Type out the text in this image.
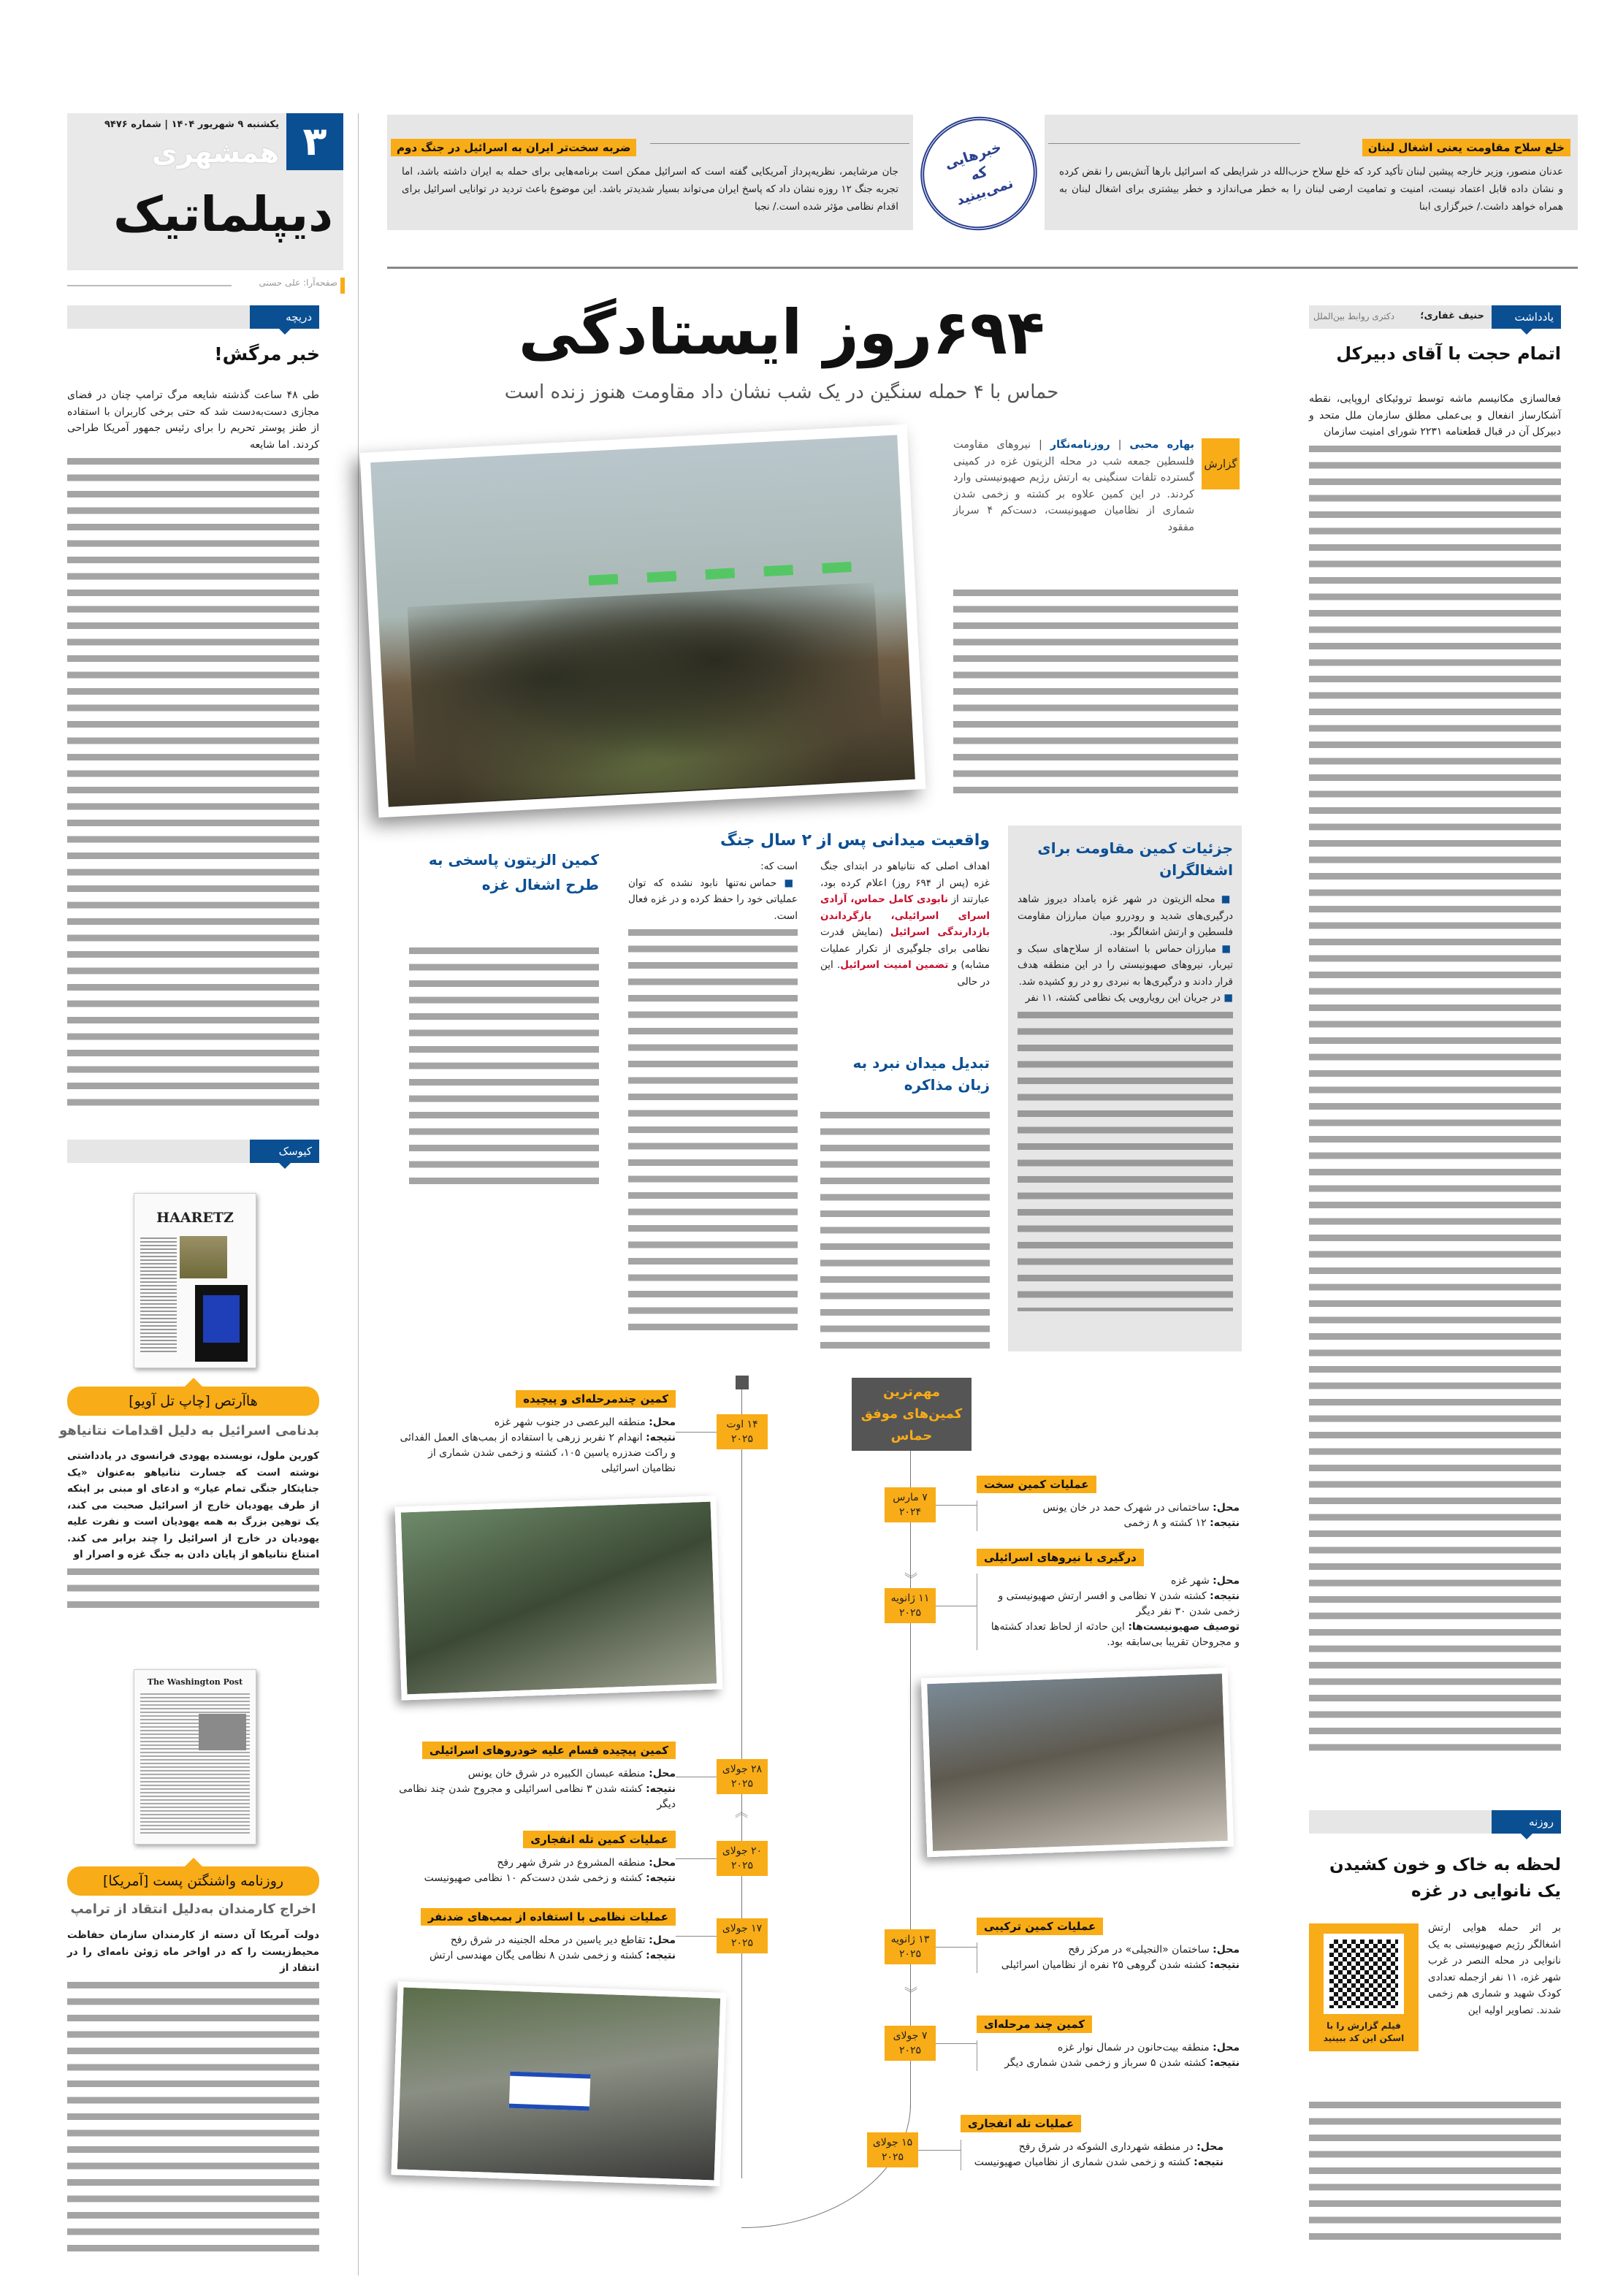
۳
یکشنبه ۹ شهریور ۱۴۰۴ | شماره ۹۴۷۶
همشهری
دیپلماتیک
صفحه‌آرا: علی حسنی
ضربه سخت‌تر ایران به اسرائیل در جنگ دوم
جان مرشایمر، نظریه‌پرداز آمریکایی گفته است که اسرائیل ممکن است برنامه‌هایی برای حمله به ایران داشته باشد، اما تجربه جنگ ۱۲ روزه نشان داد که پاسخ ایران می‌تواند بسیار شدیدتر باشد. این موضوع باعث تردید در توانایی اسرائیل برای اقدام نظامی مؤثر شده است./ نجبا
خلع سلاح مقاومت یعنی اشغال لبنان
عدنان منصور، وزیر خارجه پیشین لبنان تأکید کرد که خلع سلاح حزب‌الله در شرایطی که اسرائیل بارها آتش‌بس را نقض کرده و نشان داده قابل اعتماد نیست، امنیت و تمامیت ارضی لبنان را به خطر می‌اندازد و خطر بیشتری برای اشغال لبنان به همراه خواهد داشت./ خبرگزاری ابنا
خبرهایی که نمی‌بینید
دریچه
خبر مرگش!
طی ۴۸ ساعت گذشته شایعه مرگ ترامپ چنان در فضای مجازی دست‌به‌دست شد که حتی برخی کاربران با استفاده از طنز پوستر تحریم را برای رئیس جمهور آمریکا طراحی کردند. اما شایعه
کیوسک
HAARETZ
هاآرتص [چاپ تل آویو]
بدنامی اسرائیل به دلیل اقدامات نتانیاهو
کورین ملول، نویسنده یهودی فرانسوی در یادداشتی نوشته است که جسارت نتانیاهو به‌عنوان «یک جنایتکار جنگی تمام عیار» و ادعای او مبنی بر اینکه از طرف یهودیان خارج از اسرائیل صحبت می کند، یک توهین بزرگ به همه یهودیان است و نفرت علیه یهودیان در خارج از اسرائیل را چند برابر می کند. امتناع نتانیاهو از پایان دادن به جنگ غزه و اصرار او
The Washington Post
روزنامه واشنگتن پست [آمریکا]
اخراج کارمندان به‌دلیل انتقاد از ترامپ
دولت آمریکا آن دسته از کارمندان سازمان حفاظت محیط‌زیست را که در اواخر ماه ژوئن نامه‌ای را در انتقاد از
یادداشت
حنیف غفاری؛
دکتری روابط بین‌الملل
اتمام حجت با آقای دبیرکل
فعالسازی مکانیسم ماشه توسط تروئیکای اروپایی، نقطه آشکارساز انفعال و بی‌عملی مطلق سازمان ملل متحد و دبیرکل آن در قبال قطعنامه ۲۲۳۱ شورای امنیت سازمان
روزنه
لحظه به خاک و خون کشیدن یک نانوایی در غزه
فیلم گزارش را با اسکن این کد ببینید
بر اثر حمله هوایی ارتش اشغالگر رژیم صهیونیستی به یک نانوایی در محله النصر در غرب شهر غزه، ۱۱ نفر ازجمله تعدادی کودک شهید و شماری هم زخمی شدند. تصاویر اولیه این
۶۹۴روز ایستادگی
حماس با ۴ حمله سنگین در یک شب نشان داد مقاومت هنوز زنده است
گزارش
بهاره محبی | روزنامه‌نگار | نیروهای مقاومت فلسطین جمعه شب در محله الزیتون غزه در کمینی گسترده تلفات سنگینی به ارتش رژیم صهیونیستی وارد کردند. در این کمین علاوه بر کشته و زخمی شدن شماری از نظامیان صهیونیست، دست‌کم ۴ سرباز مفقود
جزئیات کمین مقاومت برای اشغالگران
■ محله الزیتون در شهر غزه بامداد دیروز شاهد درگیری‌های شدید و رودررو میان مبارزان مقاومت فلسطین و ارتش اشغالگر بود.
■ مبارزان حماس با استفاده از سلاح‌های سبک و تیربار، نیروهای صهیونیستی را در این منطقه هدف قرار دادند و درگیری‌ها به نبردی رو در رو کشیده شد.
■ در جریان این رویارویی یک نظامی کشته، ۱۱ نفر
واقعیت میدانی پس از ۲ سال جنگ
اهداف اصلی که نتانیاهو در ابتدای جنگ غزه (پس از ۶۹۴ روز) اعلام کرده بود، عبارتند از نابودی کامل حماس، آزادی اسرای اسرائیلی، بازگرداندن بازدارندگی اسرائیل (نمایش قدرت نظامی برای جلوگیری از تکرار عملیات مشابه) و تضمین امنیت اسرائیل. این در حالی
تبدیل میدان نبرد به زبان مذاکره
است که:
■ حماس نه‌تنها نابود نشده که توان عملیاتی خود را حفظ کرده و در غزه فعال است.
کمین الزیتون پاسخی به طرح اشغال غزه
مهم‌ترین کمین‌های موفق حماس
︾
︾
︽
۷ مارس ۲۰۲۴
عملیات کمین سخت
محل: ساختمانی در شهرک حمد در خان یونس
نتیجه: ۱۲ کشته و ۸ زخمی
۱۱ ژانویه ۲۰۲۵
درگیری با نیروهای اسرائیلی
محل: شهر غزه
نتیجه: کشته شدن ۷ نظامی و افسر ارتش صهیونیستی و زخمی شدن ۳۰ نفر دیگر
توصیف صهیونیست‌ها: این حادثه از لحاظ تعداد کشته‌ها و مجروحان تقریبا بی‌سابقه بود.
۱۳ ژانویه ۲۰۲۵
عملیات کمین ترکیبی
محل: ساختمان «النجیلی» در مرکز رفح
نتیجه: کشته شدن گروهی ۲۵ نفره از نظامیان اسرائیلی
۷ جولای ۲۰۲۵
کمین چند مرحله‌ای
محل: منطقه بیت‌حانون در شمال نوار غزه
نتیجه: کشته شدن ۵ سرباز و زخمی شدن شماری دیگر
۱۵ جولای ۲۰۲۵
عملیات تله انفجاری
محل: در منطقه شهرداری الشوکه در شرق رفح
نتیجه: کشته و زخمی شدن شماری از نظامیان صهیونیست
۱۴ اوت ۲۰۲۵
کمین چندمرحله‌ای و پیچیده
محل: منطقه البرعصی در جنوب شهر غزه
نتیجه: انهدام ۲ نفربر زرهی با استفاده از بمب‌های العمل الفدائی و راکت ضدزره یاسین ۱۰۵، کشته و زخمی شدن شماری از نظامیان اسرائیلی
۲۸ جولای ۲۰۲۵
کمین پیچیده قسام علیه خودروهای اسرائیلی
محل: منطقه عبسان الکبیره در شرق خان یونس
نتیجه: کشته شدن ۳ نظامی اسرائیلی و مجروح شدن چند نظامی دیگر
۲۰ جولای ۲۰۲۵
عملیات کمین تله انفجاری
محل: منطقه المشروع در شرق شهر رفح
نتیجه: کشته و زخمی شدن دست‌کم ۱۰ نظامی صهیونیست
۱۷ جولای ۲۰۲۵
عملیات نظامی با استفاده از بمب‌های ضدنفر
محل: تقاطع دیر یاسین در محله الجنینه در شرق رفح
نتیجه: کشته و زخمی شدن ۸ نظامی یگان مهندسی ارتش
